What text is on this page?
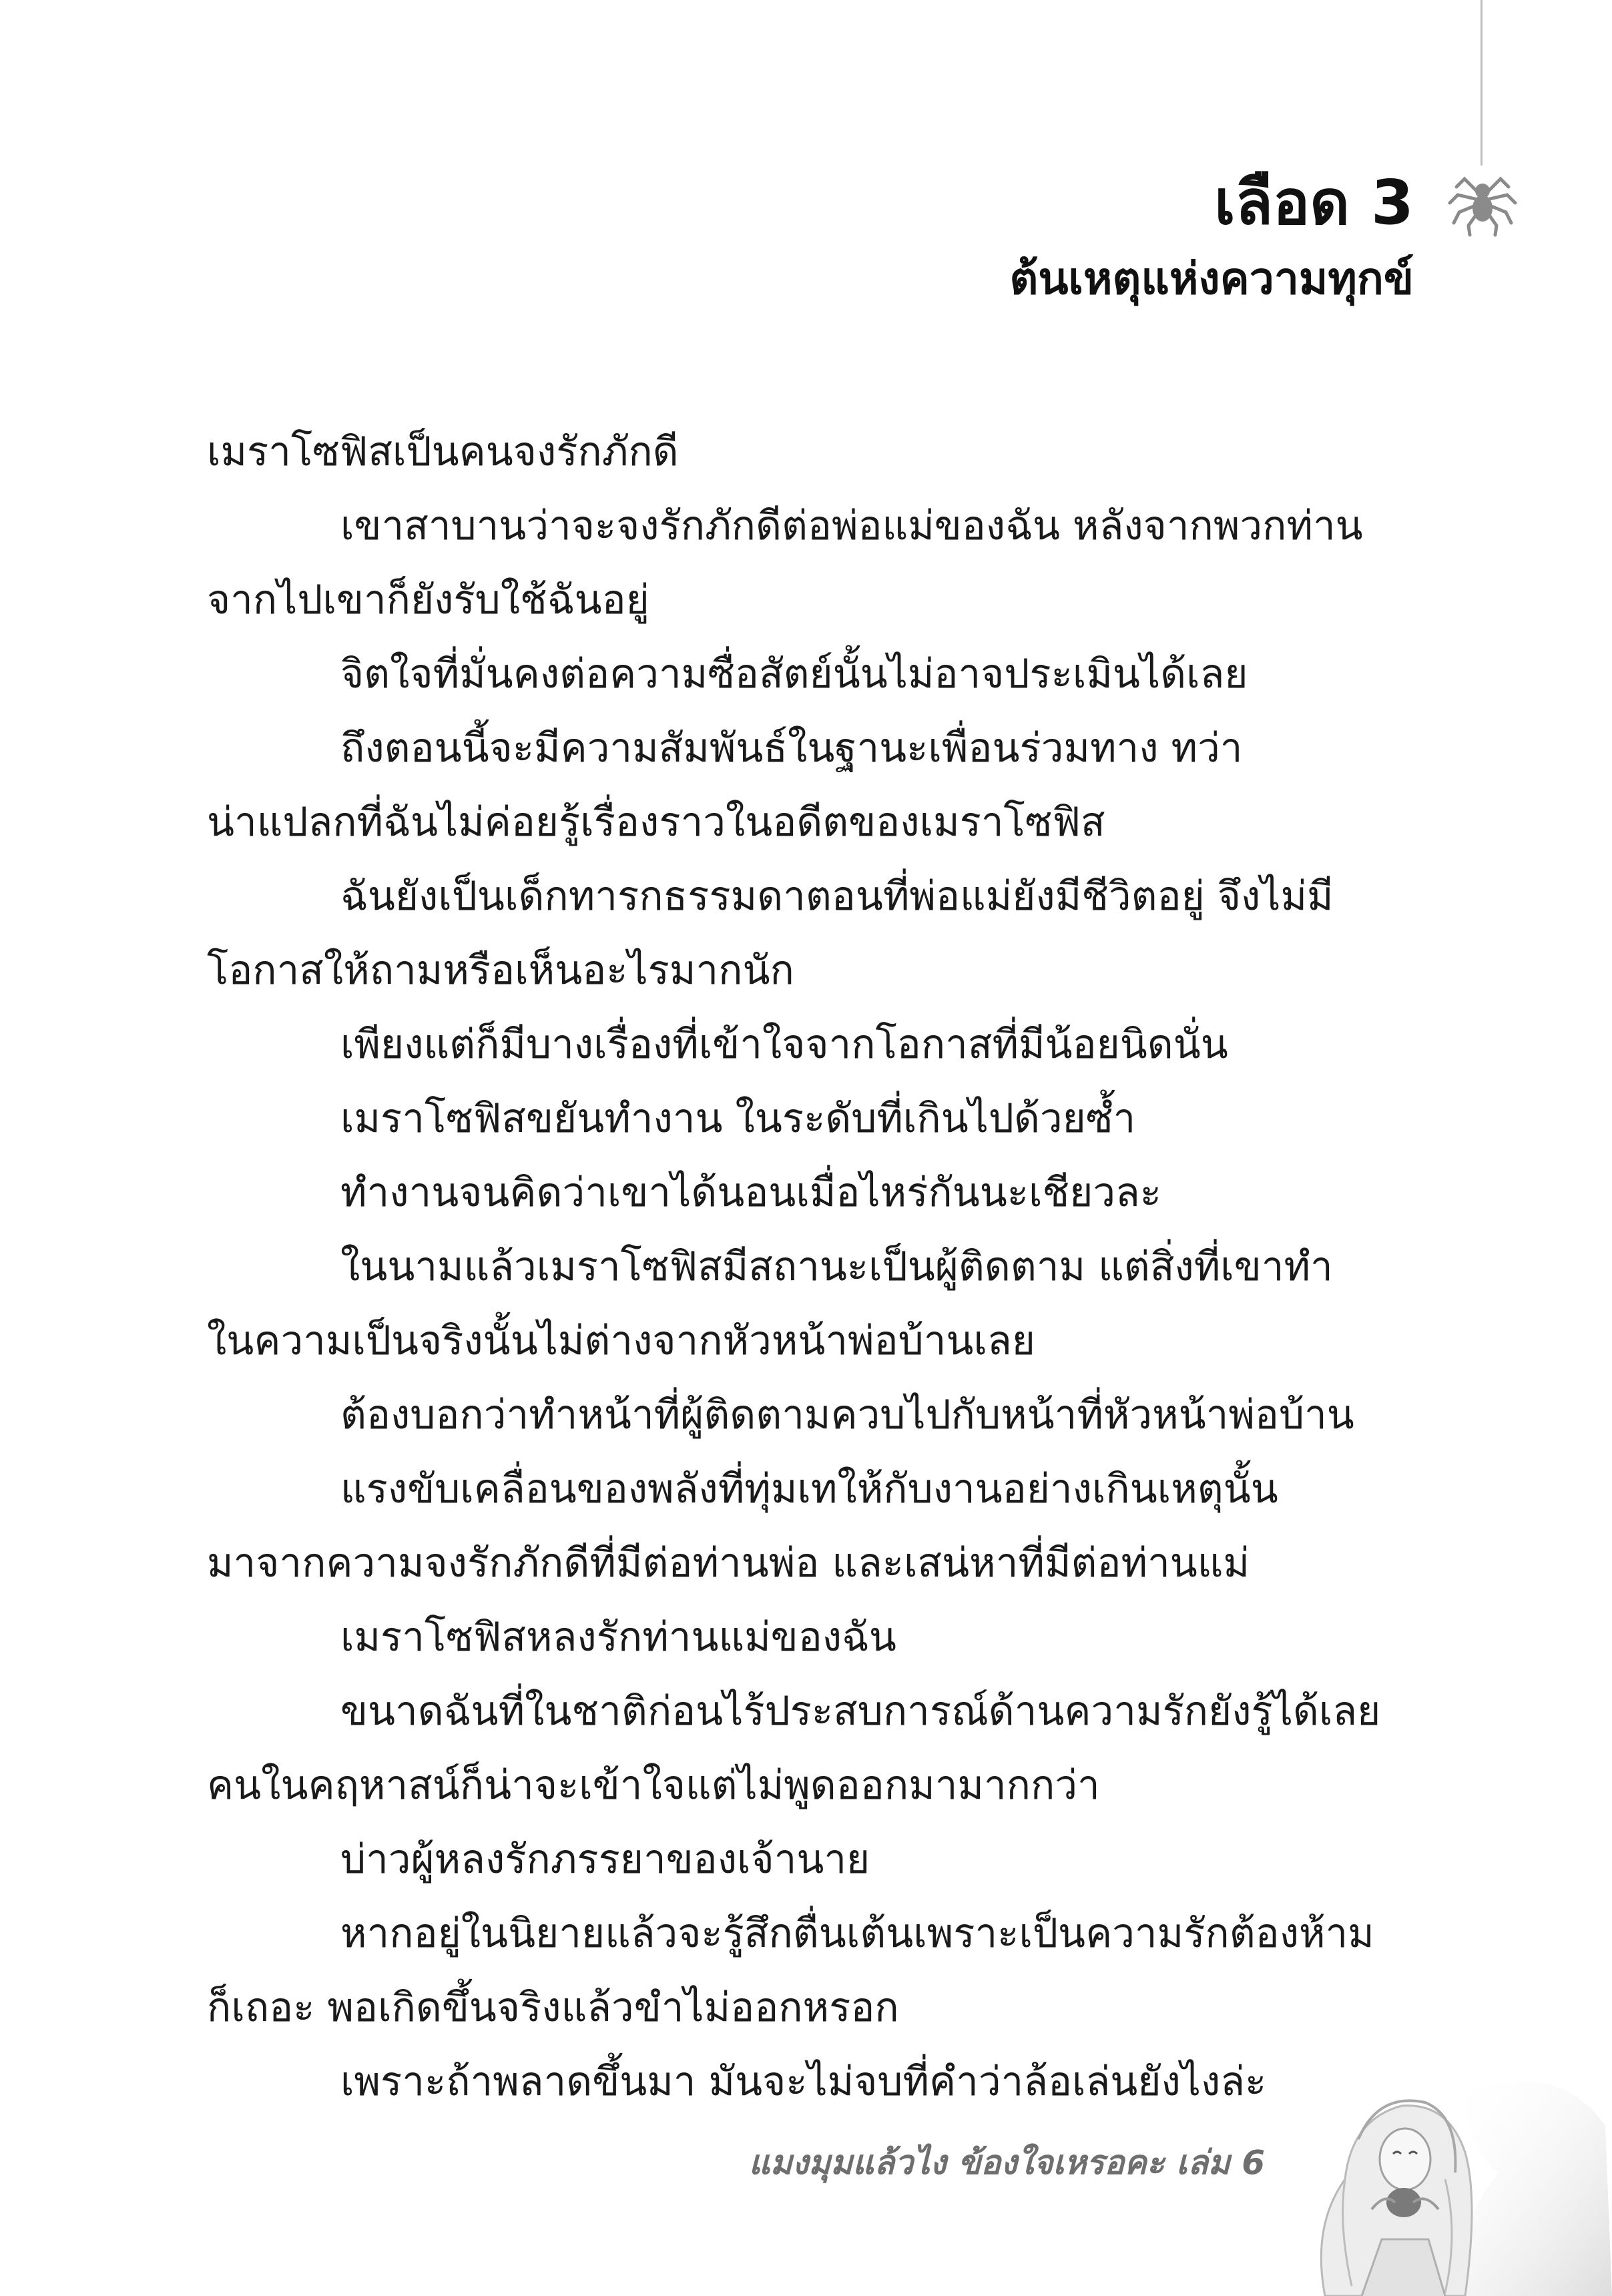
เลือด 3
ต้นเหตุแห่งความทุกข์
เมราโซฟิสเป็นคนจงรักภักดี
เขาสาบานว่าจะจงรักภักดีต่อพ่อแม่ของฉัน หลังจากพวกท่าน
จากไปเขาก็ยังรับใช้ฉันอยู่
จิตใจที่มั่นคงต่อความซื่อสัตย์นั้นไม่อาจประเมินได้เลย
ถึงตอนนี้จะมีความสัมพันธ์ในฐานะเพื่อนร่วมทาง ทว่า
น่าแปลกที่ฉันไม่ค่อยรู้เรื่องราวในอดีตของเมราโซฟิส
ฉันยังเป็นเด็กทารกธรรมดาตอนที่พ่อแม่ยังมีชีวิตอยู่ จึงไม่มี
โอกาสให้ถามหรือเห็นอะไรมากนัก
เพียงแต่ก็มีบางเรื่องที่เข้าใจจากโอกาสที่มีน้อยนิดนั่น
เมราโซฟิสขยันทำงาน ในระดับที่เกินไปด้วยซ้ำ
ทำงานจนคิดว่าเขาได้นอนเมื่อไหร่กันนะเชียวละ
ในนามแล้วเมราโซฟิสมีสถานะเป็นผู้ติดตาม แต่สิ่งที่เขาทำ
ในความเป็นจริงนั้นไม่ต่างจากหัวหน้าพ่อบ้านเลย
ต้องบอกว่าทำหน้าที่ผู้ติดตามควบไปกับหน้าที่หัวหน้าพ่อบ้าน
แรงขับเคลื่อนของพลังที่ทุ่มเทให้กับงานอย่างเกินเหตุนั้น
มาจากความจงรักภักดีที่มีต่อท่านพ่อ และเสน่หาที่มีต่อท่านแม่
เมราโซฟิสหลงรักท่านแม่ของฉัน
ขนาดฉันที่ในชาติก่อนไร้ประสบการณ์ด้านความรักยังรู้ได้เลย
คนในคฤหาสน์ก็น่าจะเข้าใจแต่ไม่พูดออกมามากกว่า
บ่าวผู้หลงรักภรรยาของเจ้านาย
หากอยู่ในนิยายแล้วจะรู้สึกตื่นเต้นเพราะเป็นความรักต้องห้าม
ก็เถอะ พอเกิดขึ้นจริงแล้วขำไม่ออกหรอก
เพราะถ้าพลาดขึ้นมา มันจะไม่จบที่คำว่าล้อเล่นยังไงล่ะ
แมงมุมแล้วไง ข้องใจเหรอคะ เล่ม 6
